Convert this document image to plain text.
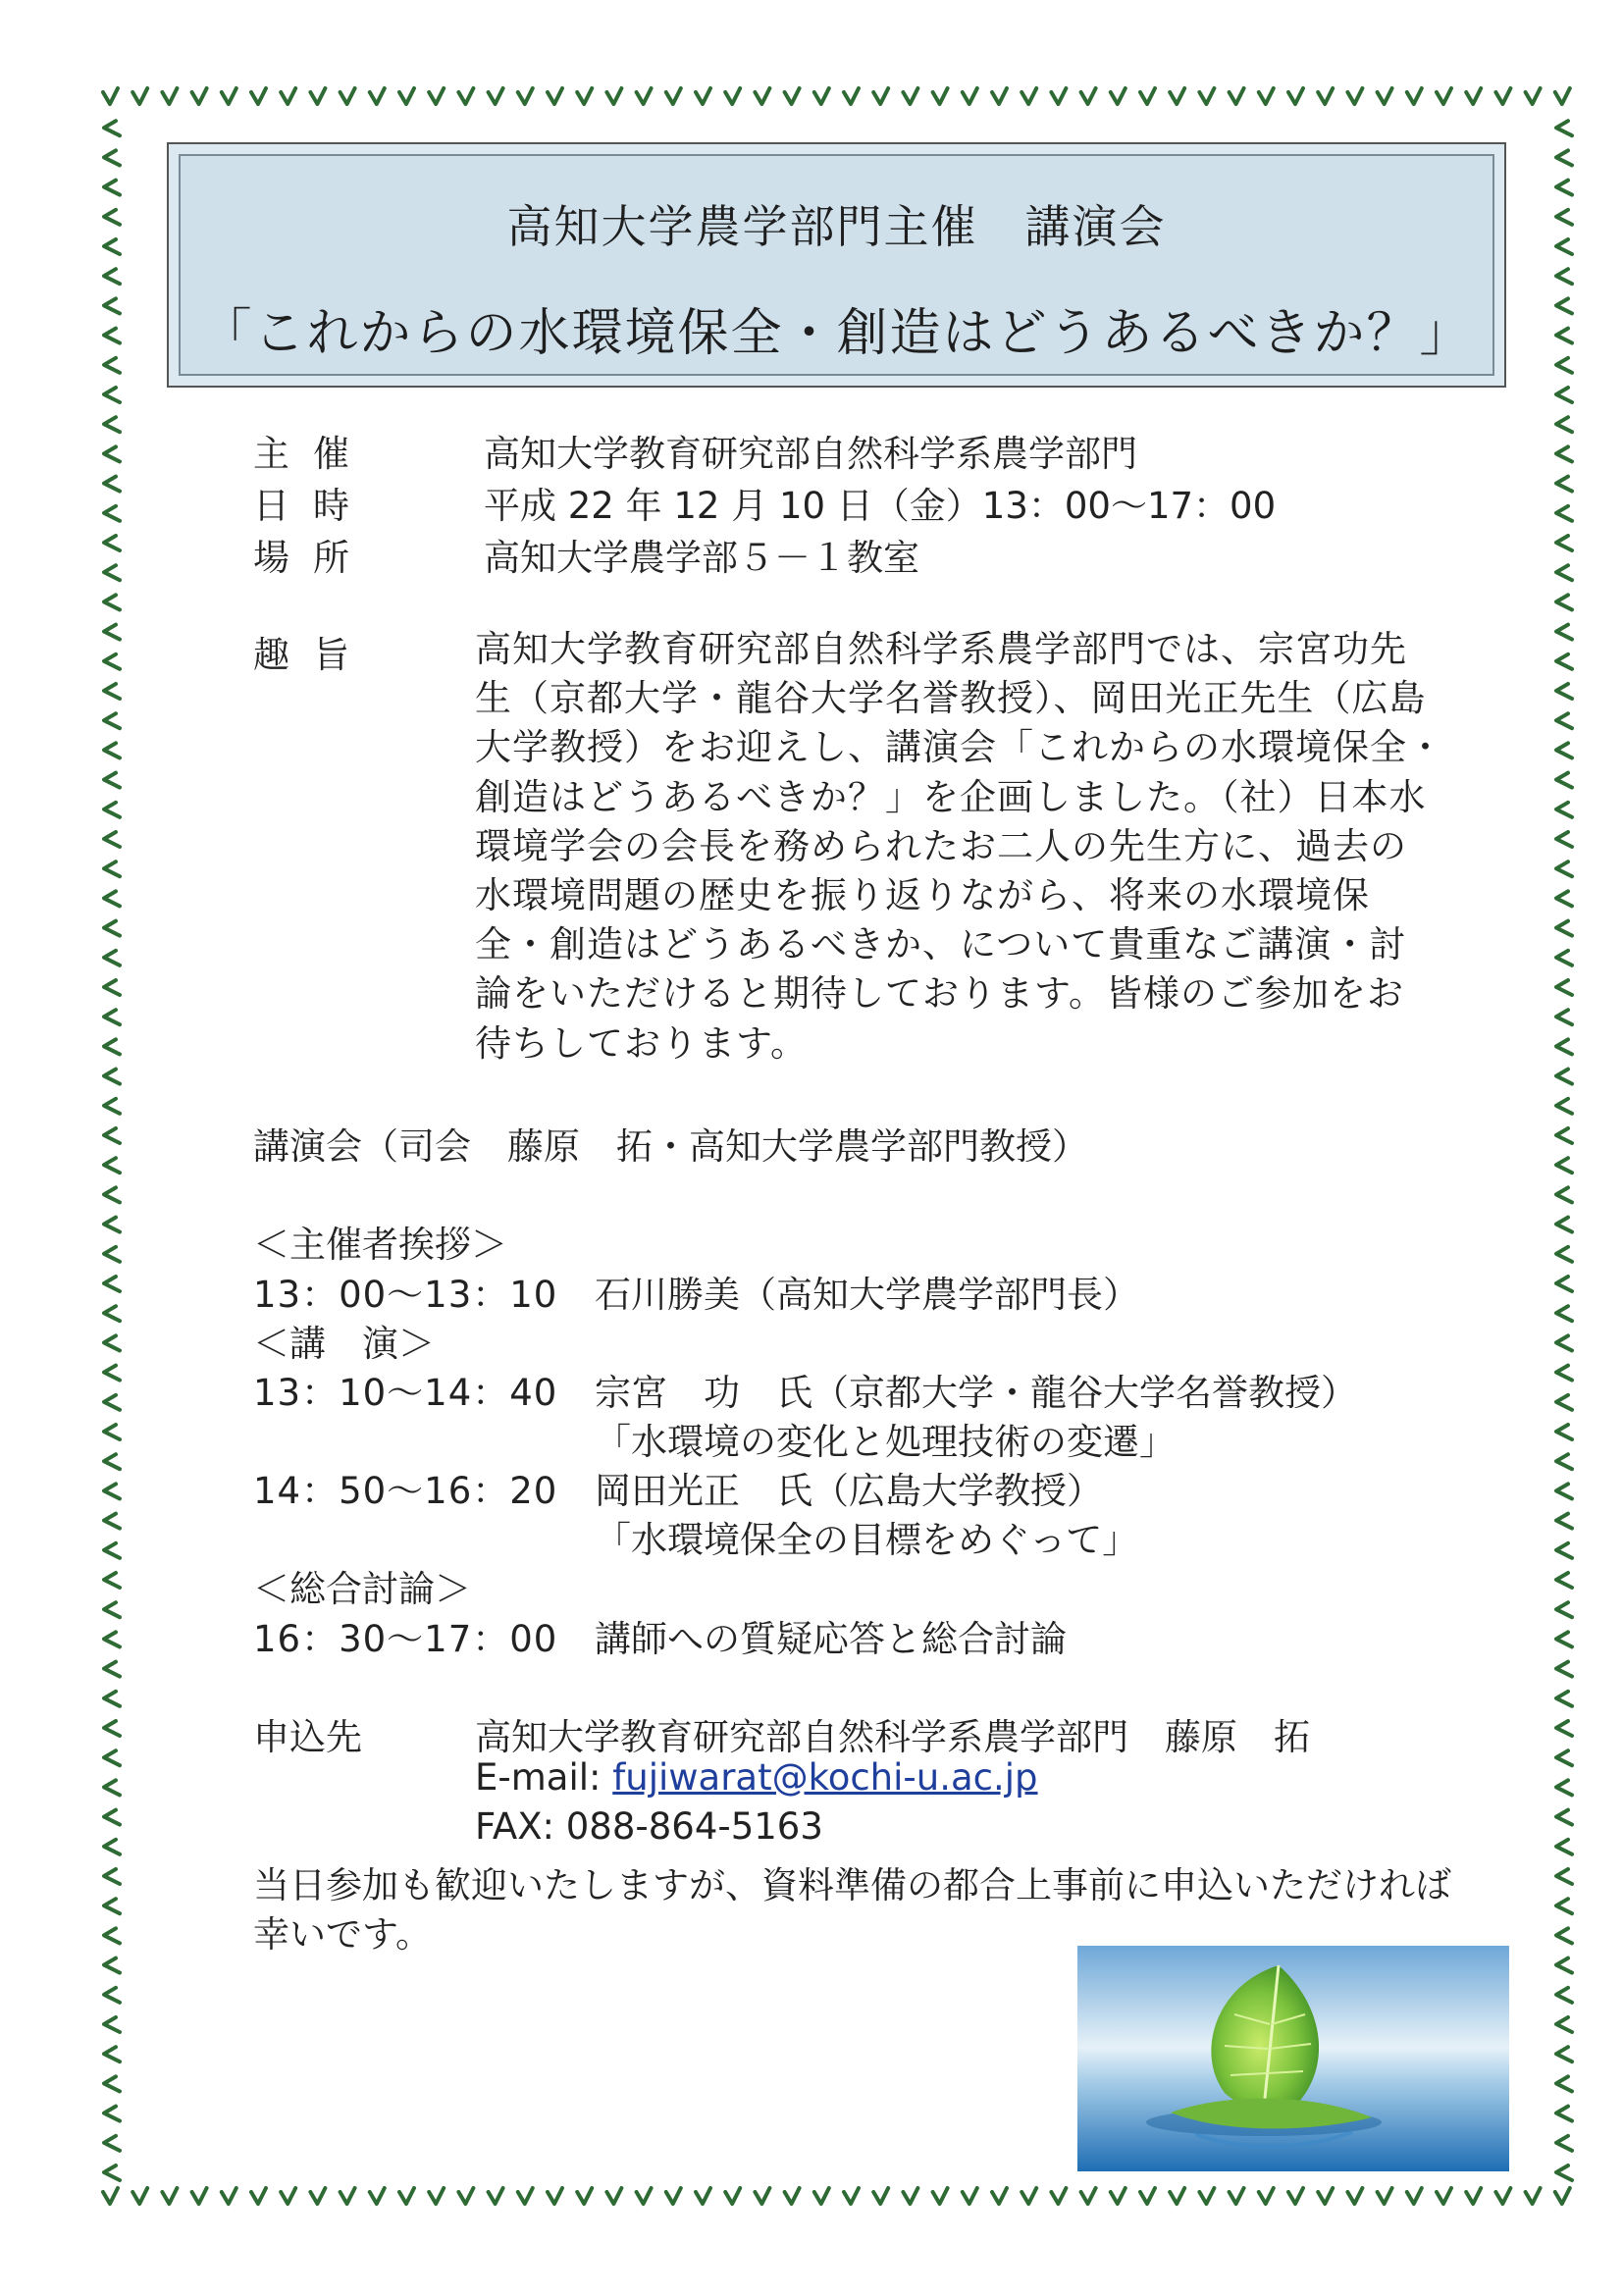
高知大学農学部門主催　講演会
「これからの水環境保全・創造はどうあるべきか？」
主催	高知大学教育研究部自然科学系農学部門
日時	平成 22 年 12 月 10 日（金）13：00～17：00
場所	高知大学農学部５－１教室
趣旨	高知大学教育研究部自然科学系農学部門では、宗宮功先
生（京都大学・龍谷大学名誉教授）、岡田光正先生（広島
大学教授）をお迎えし、講演会「これからの水環境保全・
創造はどうあるべきか？」を企画しました。（社）日本水
環境学会の会長を務められたお二人の先生方に、過去の
水環境問題の歴史を振り返りながら、将来の水環境保
全・創造はどうあるべきか、について貴重なご講演・討
論をいただけると期待しております。皆様のご参加をお
待ちしております。
講演会（司会　藤原　拓・高知大学農学部門教授）
＜主催者挨拶＞
13：00～13：10 石川勝美（高知大学農学部門長）
＜講　演＞
13：10～14：40 宗宮　功　氏（京都大学・龍谷大学名誉教授）
「水環境の変化と処理技術の変遷」
14：50～16：20 岡田光正　氏（広島大学教授）
「水環境保全の目標をめぐって」
＜総合討論＞
16：30～17：00 講師への質疑応答と総合討論
申込先	高知大学教育研究部自然科学系農学部門　藤原　拓
E-mail: fujiwarat@kochi-u.ac.jp
FAX: 088-864-5163
当日参加も歓迎いたしますが、資料準備の都合上事前に申込いただければ
幸いです。
